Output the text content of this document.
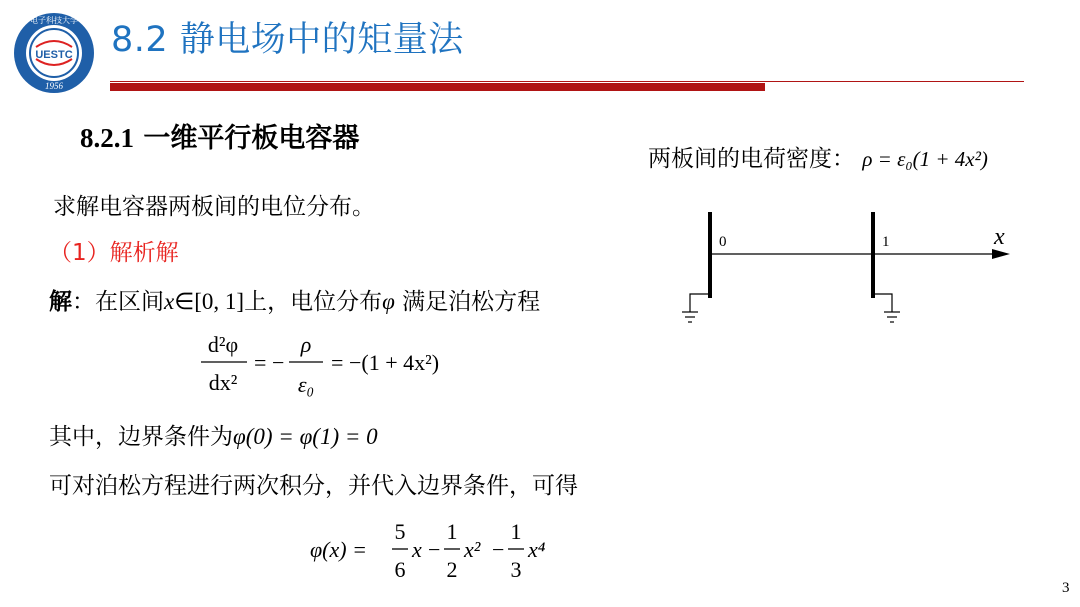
UESTC
电子科技大学
1956
8.2 静电场中的矩量法
8.2.1 一维平行板电容器
两板间的电荷密度： ρ = ε₀(1 + 4x²)
求解电容器两板间的电位分布。
（1）解析解
解：在区间x∈[0, 1]上，电位分布φ 满足泊松方程
d²φ
dx²
= −
ρ
ε₀
= −(1 + 4x²)
其中，边界条件为φ(0) = φ(1) = 0
可对泊松方程进行两次积分，并代入边界条件，可得
φ(x) =
5
6
x −
1
2
x² −
1
3
x⁴
0	1	x
3
